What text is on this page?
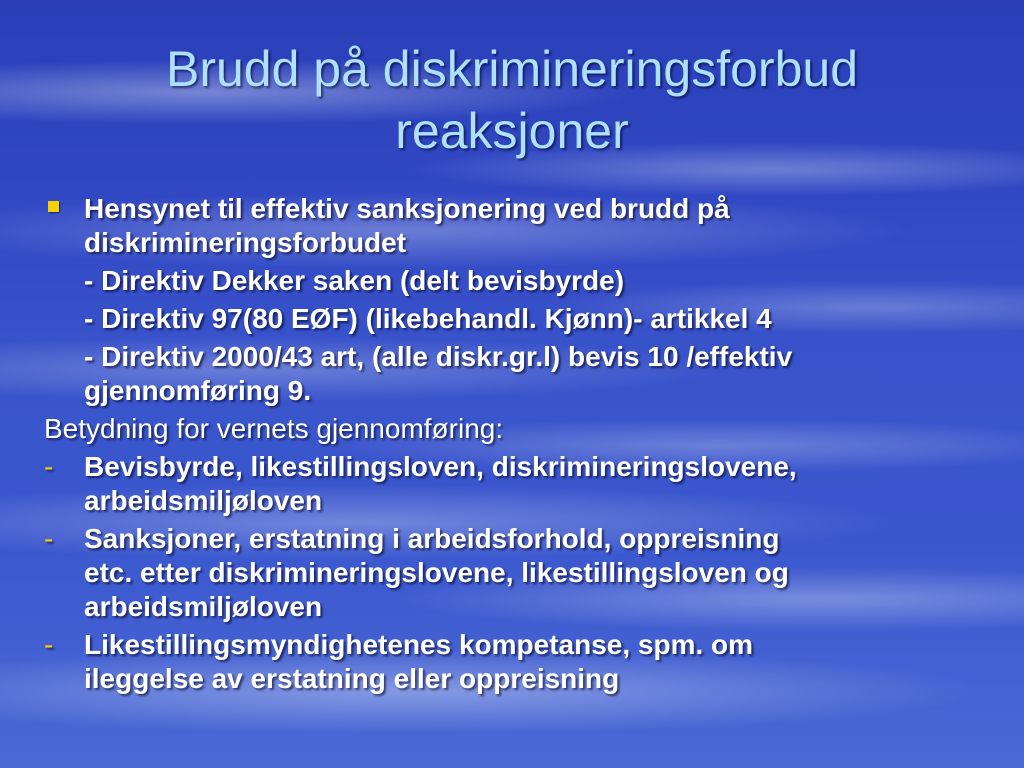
Brudd på diskrimineringsforbud
reaksjoner
Hensynet til effektiv sanksjonering ved brudd på
diskrimineringsforbudet
- Direktiv Dekker saken (delt bevisbyrde)
- Direktiv 97(80 EØF) (likebehandl. Kjønn)- artikkel 4
- Direktiv 2000/43 art, (alle diskr.gr.l) bevis 10 /effektiv
gjennomføring 9.
Betydning for vernets gjennomføring:
- Bevisbyrde, likestillingsloven, diskrimineringslovene,
arbeidsmiljøloven
- Sanksjoner, erstatning i arbeidsforhold, oppreisning
etc. etter diskrimineringslovene, likestillingsloven og
arbeidsmiljøloven
- Likestillingsmyndighetenes kompetanse, spm. om
ileggelse av erstatning eller oppreisning
